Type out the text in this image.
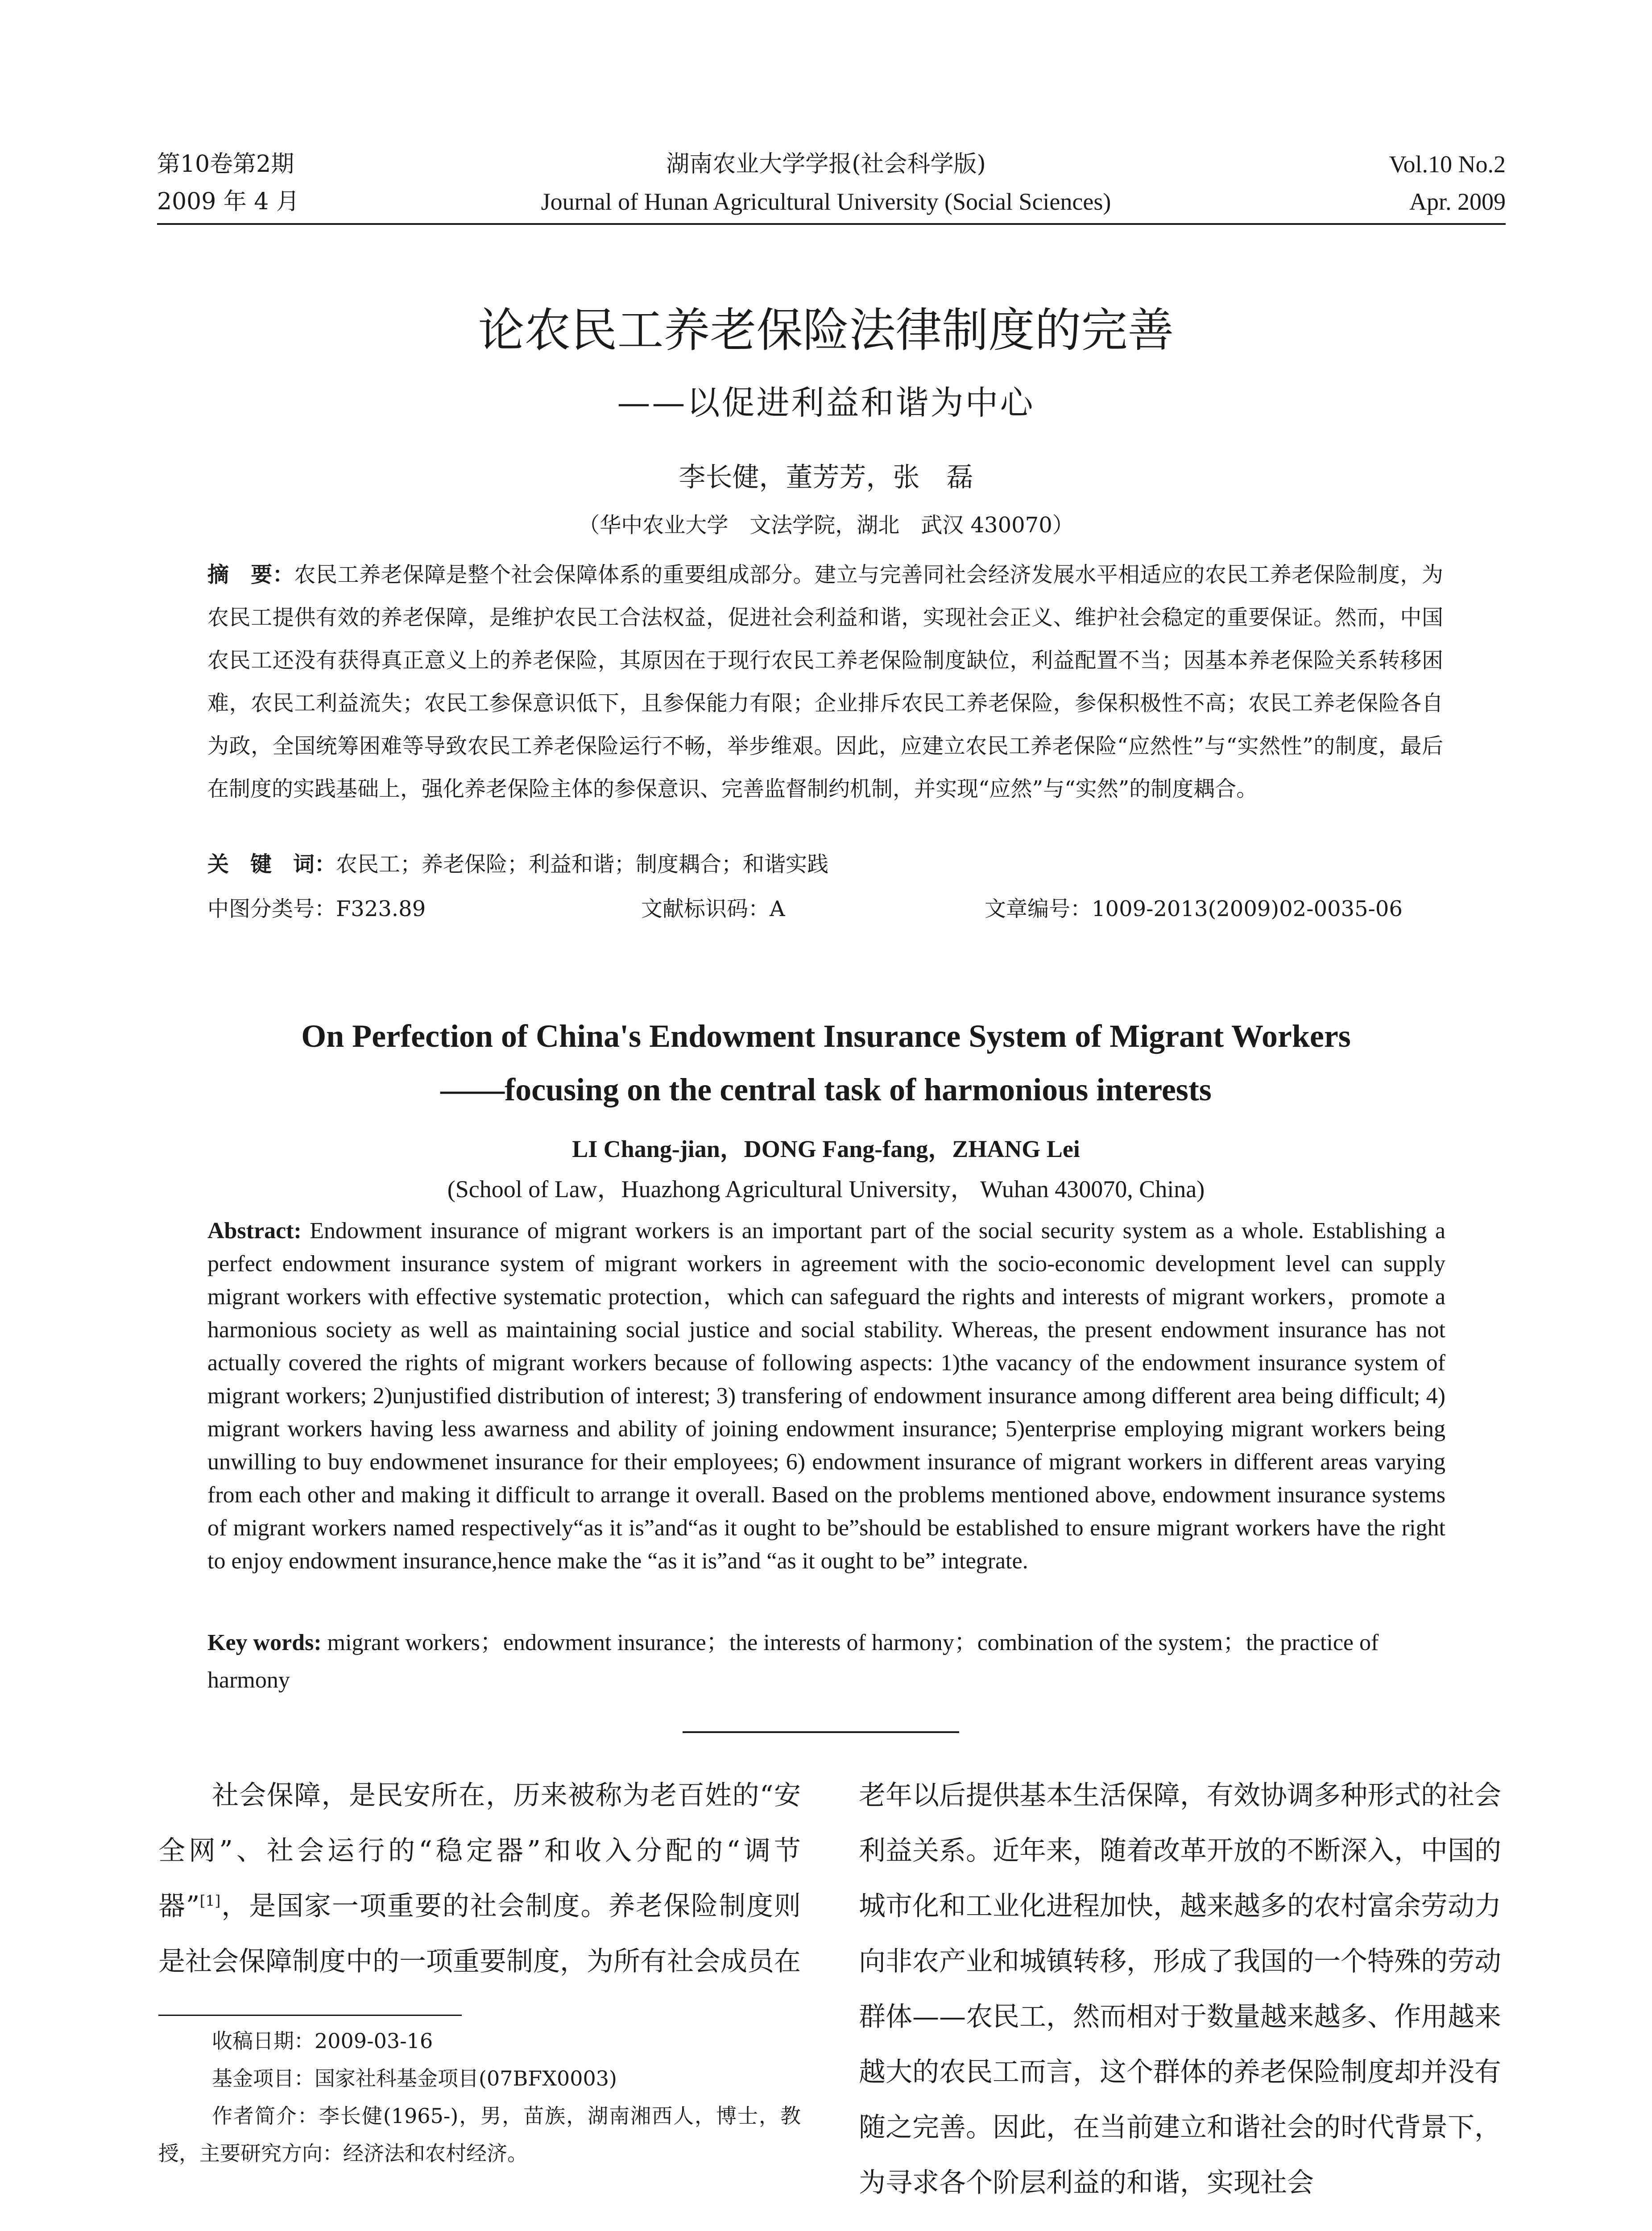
第10卷第2期
2009 年 4 月
湖南农业大学学报(社会科学版)
Journal of Hunan Agricultural University (Social Sciences)
Vol.10 No.2
Apr. 2009
论农民工养老保险法律制度的完善
——以促进利益和谐为中心
李长健，董芳芳，张　磊
（华中农业大学　文法学院，湖北　武汉 430070）
摘　要：农民工养老保障是整个社会保障体系的重要组成部分。建立与完善同社会经济发展水平相适应的农民工养老保险制度，为农民工提供有效的养老保障，是维护农民工合法权益，促进社会利益和谐，实现社会正义、维护社会稳定的重要保证。然而，中国农民工还没有获得真正意义上的养老保险，其原因在于现行农民工养老保险制度缺位，利益配置不当；因基本养老保险关系转移困难，农民工利益流失；农民工参保意识低下，且参保能力有限；企业排斥农民工养老保险，参保积极性不高；农民工养老保险各自为政，全国统筹困难等导致农民工养老保险运行不畅，举步维艰。因此，应建立农民工养老保险“应然性”与“实然性”的制度，最后在制度的实践基础上，强化养老保险主体的参保意识、完善监督制约机制，并实现“应然”与“实然”的制度耦合。
关　键　词：农民工；养老保险；利益和谐；制度耦合；和谐实践
中图分类号：F323.89	文献标识码：A	文章编号：1009-2013(2009)02-0035-06
On Perfection of China's Endowment Insurance System of Migrant Workers
——focusing on the central task of harmonious interests
LI Chang-jian，DONG Fang-fang，ZHANG Lei
(School of Law，Huazhong Agricultural University， Wuhan 430070, China)
Abstract: Endowment insurance of migrant workers is an important part of the social security system as a whole. Establishing a perfect endowment insurance system of migrant workers in agreement with the socio-economic development level can supply migrant workers with effective systematic protection，which can safeguard the rights and interests of migrant workers，promote a harmonious society as well as maintaining social justice and social stability. Whereas, the present endowment insurance has not actually covered the rights of migrant workers because of following aspects: 1)the vacancy of the endowment insurance system of migrant workers; 2)unjustified distribution of interest; 3) transfering of endowment insurance among different area being difficult; 4) migrant workers having less awarness and ability of joining endowment insurance; 5)enterprise employing migrant workers being unwilling to buy endowmenet insurance for their employees; 6) endowment insurance of migrant workers in different areas varying from each other and making it difficult to arrange it overall. Based on the problems mentioned above, endowment insurance systems of migrant workers named respectively“as it is”and“as it ought to be”should be established to ensure migrant workers have the right to enjoy endowment insurance,hence make the “as it is”and “as it ought to be” integrate.
Key words: migrant workers；endowment insurance；the interests of harmony；combination of the system；the practice of harmony
社会保障，是民安所在，历来被称为老百姓的“安全网”、社会运行的“稳定器”和收入分配的“调节器”[1]，是国家一项重要的社会制度。养老保险制度则是社会保障制度中的一项重要制度，为所有社会成员在
收稿日期：2009-03-16
基金项目：国家社科基金项目(07BFX0003)
作者简介：李长健(1965-)，男，苗族，湖南湘西人，博士，教授，主要研究方向：经济法和农村经济。
老年以后提供基本生活保障，有效协调多种形式的社会利益关系。近年来，随着改革开放的不断深入，中国的城市化和工业化进程加快，越来越多的农村富余劳动力向非农产业和城镇转移，形成了我国的一个特殊的劳动群体——农民工，然而相对于数量越来越多、作用越来越大的农民工而言，这个群体的养老保险制度却并没有随之完善。因此，在当前建立和谐社会的时代背景下，为寻求各个阶层利益的和谐，实现社会
